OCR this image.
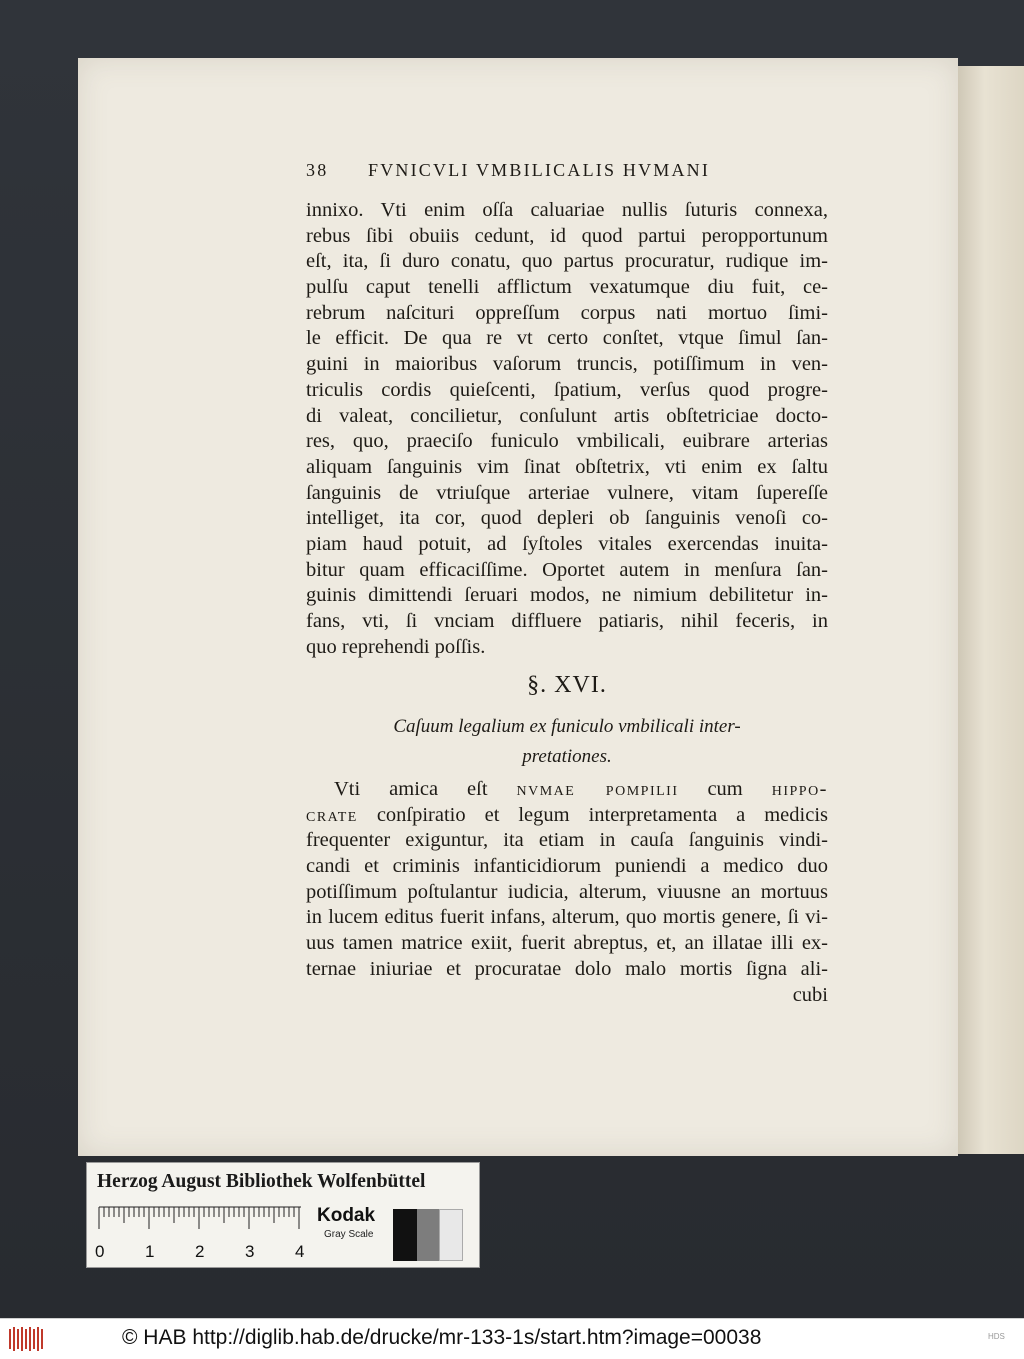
38 FVNICVLI VMBILICALIS HVMANI
innixo. Vti enim oſſa caluariae nullis ſuturis connexa,
rebus ſibi obuiis cedunt, id quod partui peropportunum
eſt, ita, ſi duro conatu, quo partus procuratur, rudique im-
pulſu caput tenelli afflictum vexatumque diu fuit, ce-
rebrum naſcituri oppreſſum corpus nati mortuo ſimi-
le efficit. De qua re vt certo conſtet, vtque ſimul ſan-
guini in maioribus vaſorum truncis, potiſſimum in ven-
triculis cordis quieſcenti, ſpatium, verſus quod progre-
di valeat, concilietur, conſulunt artis obſtetriciae docto-
res, quo, praeciſo funiculo vmbilicali, euibrare arterias
aliquam ſanguinis vim ſinat obſtetrix, vti enim ex ſaltu
ſanguinis de vtriuſque arteriae vulnere, vitam ſupereſſe
intelliget, ita cor, quod depleri ob ſanguinis venoſi co-
piam haud potuit, ad ſyſtoles vitales exercendas inuita-
bitur quam efficaciſſime. Oportet autem in menſura ſan-
guinis dimittendi ſeruari modos, ne nimium debilitetur in-
fans, vti, ſi vnciam diffluere patiaris, nihil feceris, in
quo reprehendi poſſis.
§. XVI.
Caſuum legalium ex funiculo vmbilicali inter-
pretationes.
Vti amica eſt nvmae pompilii cum hippo-
crate conſpiratio et legum interpretamenta a medicis
frequenter exiguntur, ita etiam in cauſa ſanguinis vindi-
candi et criminis infanticidiorum puniendi a medico duo
potiſſimum poſtulantur iudicia, alterum, viuusne an mortuus
in lucem editus fuerit infans, alterum, quo mortis genere, ſi vi-
uus tamen matrice exiit, fuerit abreptus, et, an illatae illi ex-
ternae iniuriae et procuratae dolo malo mortis ſigna ali-
cubi
Herzog August Bibliothek Wolfenbüttel
0 1 2 3 4
Kodak
Gray Scale
© HAB http://diglib.hab.de/drucke/mr-133-1s/start.htm?image=00038	HDS
